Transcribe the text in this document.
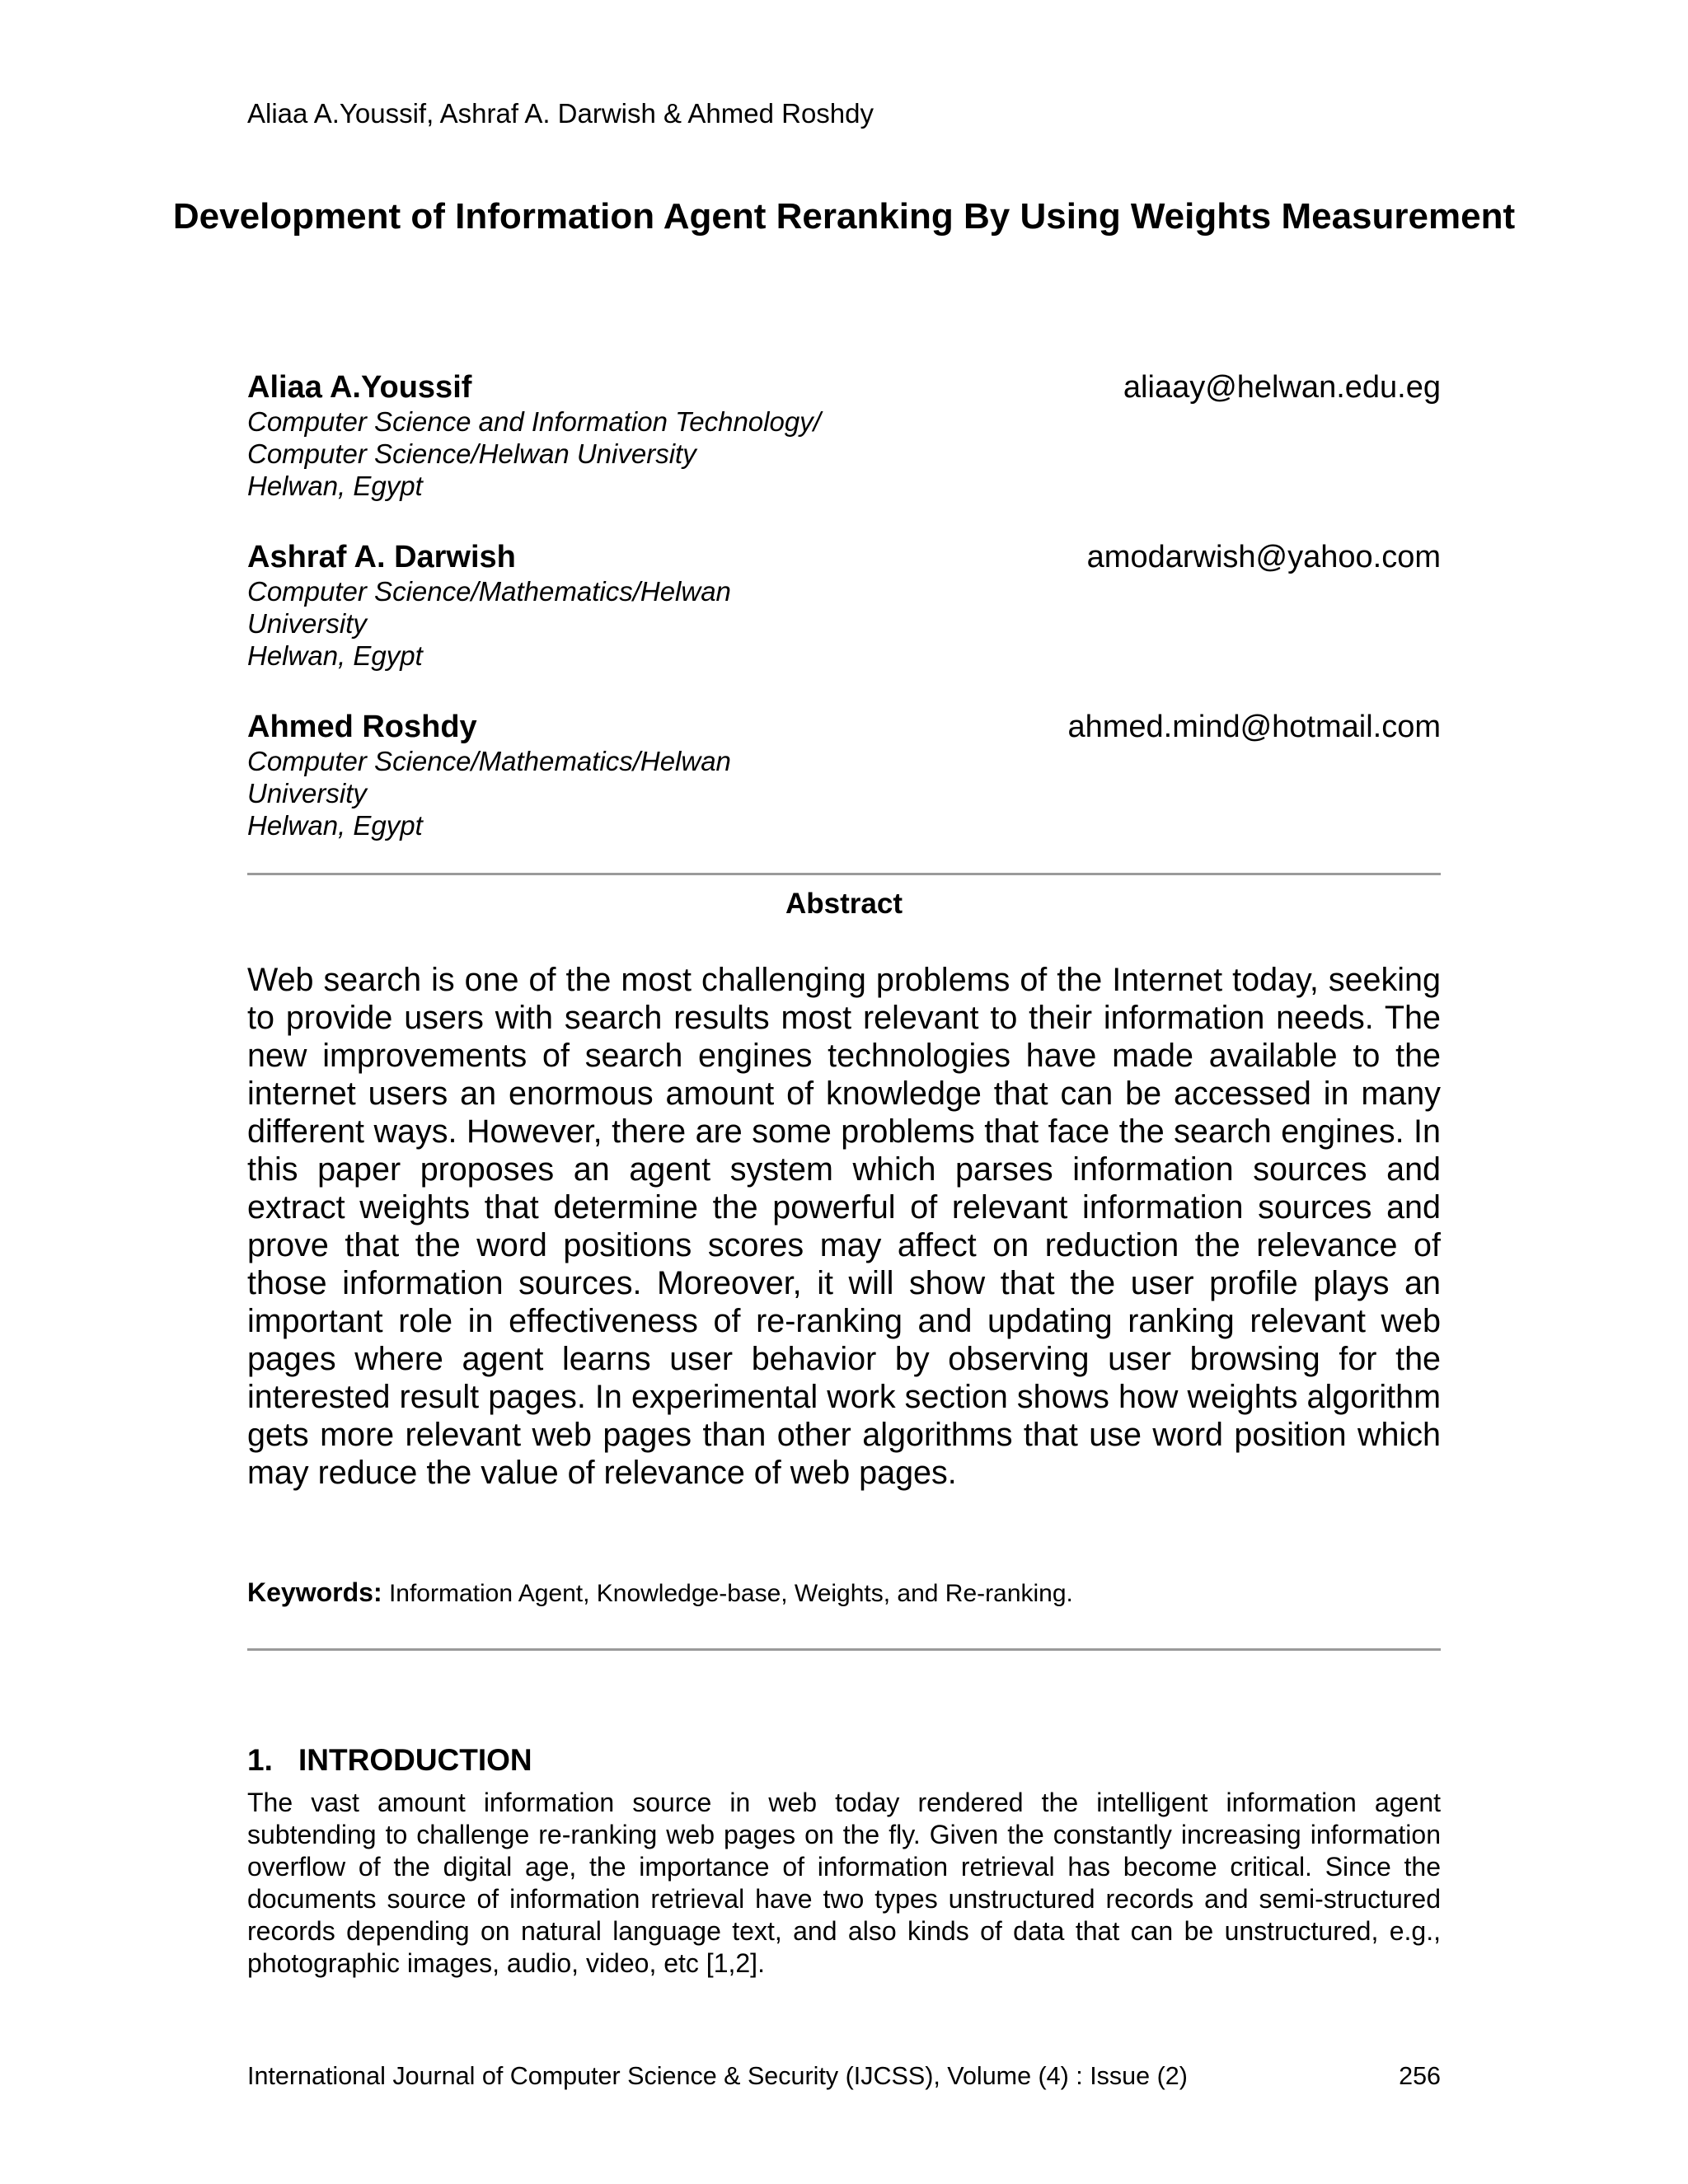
Aliaa A.Youssif, Ashraf A. Darwish & Ahmed Roshdy
Development of Information Agent Reranking By Using Weights Measurement
Aliaa A.Youssif	aliaay@helwan.edu.eg
Computer Science and Information Technology/
Computer Science/Helwan University
Helwan, Egypt
Ashraf A. Darwish	amodarwish@yahoo.com
Computer Science/Mathematics/Helwan
University
Helwan, Egypt
Ahmed Roshdy	ahmed.mind@hotmail.com
Computer Science/Mathematics/Helwan
University
Helwan, Egypt
Abstract
Web search is one of the most challenging problems of the Internet today, seeking to provide users with search results most relevant to their information needs. The new improvements of search engines technologies have made available to the internet users an enormous amount of knowledge that can be accessed in many different ways. However, there are some problems that face the search engines. In this paper proposes an agent system which parses information sources and extract weights that determine the powerful of relevant information sources and prove that the word positions scores may affect on reduction the relevance of those information sources. Moreover, it will show that the user profile plays an important role in effectiveness of re-ranking and updating ranking relevant web pages where agent learns user behavior by observing user browsing for the interested result pages. In experimental work section shows how weights algorithm gets more relevant web pages than other algorithms that use word position which may reduce the value of relevance of web pages.
Keywords: Information Agent, Knowledge-base, Weights, and Re-ranking.
1. INTRODUCTION
The vast amount information source in web today rendered the intelligent information agent subtending to challenge re-ranking web pages on the fly. Given the constantly increasing information overflow of the digital age, the importance of information retrieval has become critical. Since the documents source of information retrieval have two types unstructured records and semi-structured records depending on natural language text, and also kinds of data that can be unstructured, e.g., photographic images, audio, video, etc [1,2].
International Journal of Computer Science & Security (IJCSS), Volume (4) : Issue (2)	256
